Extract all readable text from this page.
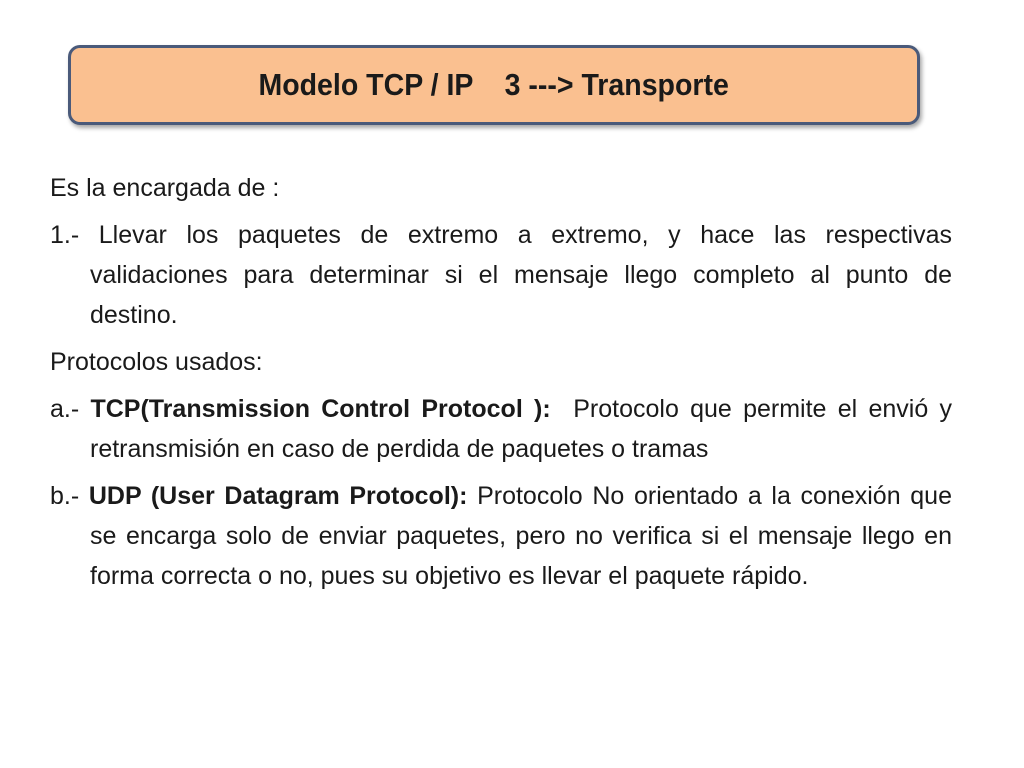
Modelo TCP / IP    3 ---> Transporte

Es la encargada de :

1.- Llevar los paquetes de extremo a extremo, y hace las respectivas validaciones para determinar si el mensaje llego completo al punto de destino.

Protocolos usados:

a.- TCP(Transmission Control Protocol ): Protocolo que permite el envió y retransmisión en caso de perdida de paquetes o tramas

b.- UDP (User Datagram Protocol): Protocolo No orientado a la conexión que se encarga solo de enviar paquetes, pero no verifica si el mensaje llego en forma correcta o no, pues su objetivo es llevar el paquete rápido.
